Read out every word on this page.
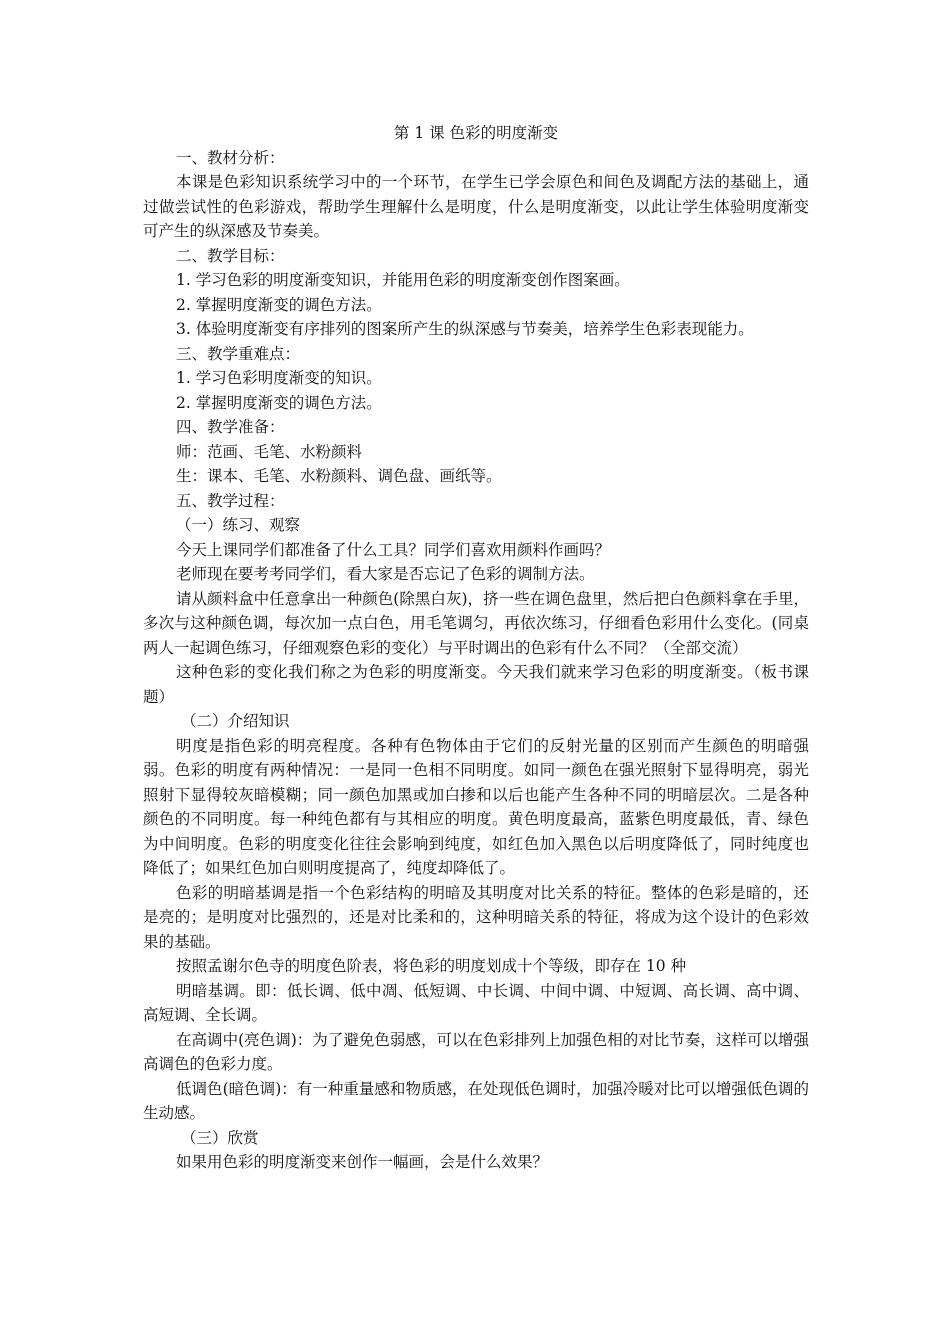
第 1 课 色彩的明度渐变

一、教材分析：

本课是色彩知识系统学习中的一个环节，在学生已学会原色和间色及调配方法的基础上，通过做尝试性的色彩游戏，帮助学生理解什么是明度，什么是明度渐变，以此让学生体验明度渐变可产生的纵深感及节奏美。

二、教学目标：

1. 学习色彩的明度渐变知识，并能用色彩的明度渐变创作图案画。

2. 掌握明度渐变的调色方法。

3. 体验明度渐变有序排列的图案所产生的纵深感与节奏美，培养学生色彩表现能力。

三、教学重难点：

1. 学习色彩明度渐变的知识。

2. 掌握明度渐变的调色方法。

四、教学准备：

师：范画、毛笔、水粉颜料

生：课本、毛笔、水粉颜料、调色盘、画纸等。

五、教学过程：

（一）练习、观察

今天上课同学们都准备了什么工具？同学们喜欢用颜料作画吗？

老师现在要考考同学们，看大家是否忘记了色彩的调制方法。

请从颜料盒中任意拿出一种颜色(除黑白灰)，挤一些在调色盘里，然后把白色颜料拿在手里，多次与这种颜色调，每次加一点白色，用毛笔调匀，再依次练习，仔细看色彩用什么变化。(同桌两人一起调色练习，仔细观察色彩的变化）与平时调出的色彩有什么不同？（全部交流）

这种色彩的变化我们称之为色彩的明度渐变。今天我们就来学习色彩的明度渐变。（板书课题）

（二）介绍知识

明度是指色彩的明亮程度。各种有色物体由于它们的反射光量的区别而产生颜色的明暗强弱。色彩的明度有两种情况：一是同一色相不同明度。如同一颜色在强光照射下显得明亮，弱光照射下显得较灰暗模糊；同一颜色加黑或加白掺和以后也能产生各种不同的明暗层次。二是各种颜色的不同明度。每一种纯色都有与其相应的明度。黄色明度最高，蓝紫色明度最低，青、绿色为中间明度。色彩的明度变化往往会影响到纯度，如红色加入黑色以后明度降低了，同时纯度也降低了；如果红色加白则明度提高了，纯度却降低了。

色彩的明暗基调是指一个色彩结构的明暗及其明度对比关系的特征。整体的色彩是暗的，还是亮的；是明度对比强烈的，还是对比柔和的，这种明暗关系的特征，将成为这个设计的色彩效果的基础。

按照孟谢尔色寺的明度色阶表，将色彩的明度划成十个等级，即存在 10 种

明暗基调。即：低长调、低中凋、低短调、中长调、中间中调、中短调、高长调、高中调、高短调、全长调。

在高调中(亮色调)：为了避免色弱感，可以在色彩排列上加强色相的对比节奏，这样可以增强高调色的色彩力度。

低调色(暗色调)：有一种重量感和物质感，在处现低色调时，加强冷暖对比可以增强低色调的生动感。

（三）欣赏

如果用色彩的明度渐变来创作一幅画，会是什么效果？
